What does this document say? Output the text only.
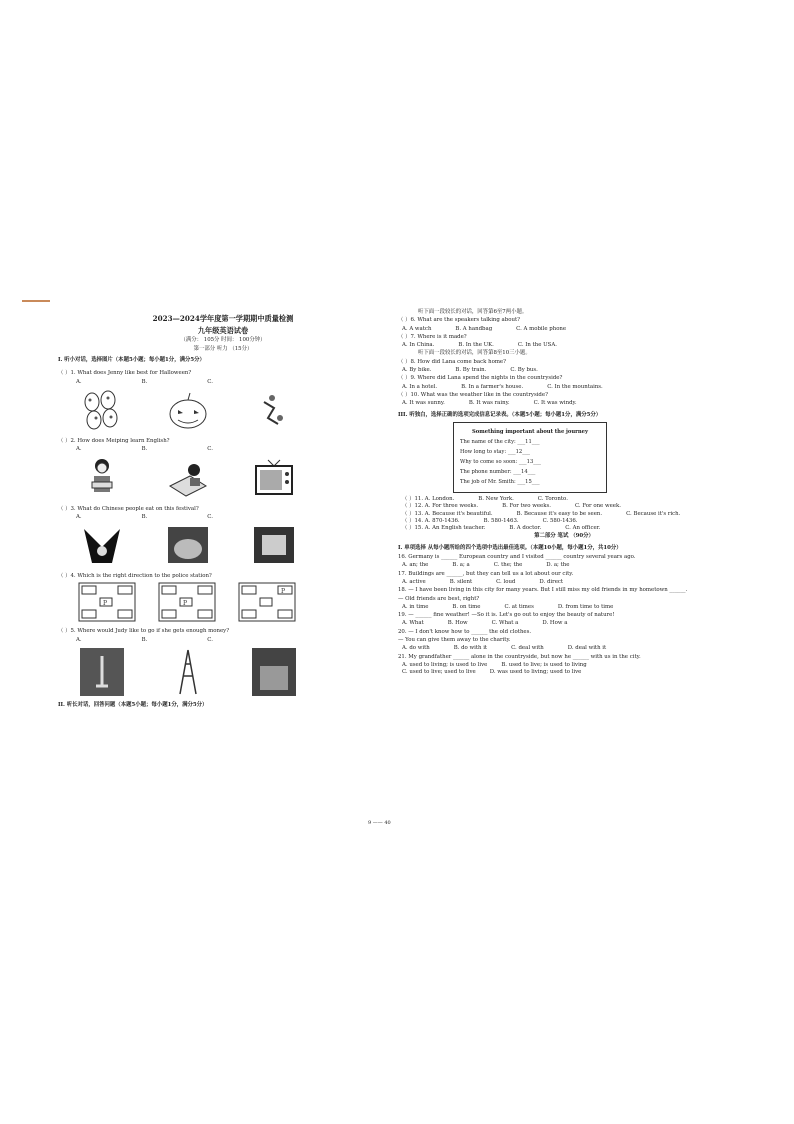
2023—2024学年度第一学期期中质量检测
九年级英语试卷
（满分： 105分 时间： 100分钟）
第一部分 听力 （15分）
I. 听小对话，选择图片（本题5小题；每小题1分，满分5分）
（ ）1. What does Jenny like best for Halloween?
A.	B.	C.
（ ）2. How does Meiping learn English?
A.	B.	C.
（ ）3. What do Chinese people eat on this festival?
A.	B.	C.
（ ）4. Which is the right direction to the police station?
P	P
P
（ ）5. Where would Judy like to go if she gets enough money?
A.	B.	C.
II. 听长对话，回答问题（本题5小题；每小题1分，满分5分）
听下面一段较长的对话，回答第6至7两小题。
（ ）6. What are the speakers talking about?
A. A watch	B. A handbag	C. A mobile phone
（ ）7. Where is it made?
A. In China.	B. In the UK.	C. In the USA.
听下面一段较长的对话，回答第8至10三小题。
（ ）8. How did Lana come back home?
A. By bike.	B. By train.	C. By bus.
（ ）9. Where did Lana spend the nights in the countryside?
A. In a hotel.	B. In a farmer's house.	C. In the mountains.
（ ）10. What was the weather like in the countryside?
A. It was sunny.	B. It was rainy.	C. It was windy.
III. 听独白，选择正确的选项完成信息记录表。（本题5小题；每小题1分，满分5分）
Something important about the journey
The name of the city: ___11___
How long to stay: ___12___
Why to come so soon: ___13___
The phone number: ___14___
The job of Mr. Smith: ___15___
（ ）11. A. London.	B. New York.	C. Toronto.
（ ）12. A. For three weeks.	B. For two weeks.	C. For one week.
（ ）13. A. Because it's beautiful.	B. Because it's easy to be seen.	C. Because it's rich.
（ ）14. A. 870-1436.	B. 580-1463.	C. 580-1436.
（ ）15. A. An English teacher.	B. A doctor.	C. An officer.
第二部分 笔试 （90分）
I. 单项选择 从每小题所给的四个选项中选出最佳选项。（本题10小题，每小题1分，共10分）
16. Germany is ______ European country and I visited ______ country several years ago.
A. an; the	B. a; a	C. the; the	D. a; the
17. Buildings are ______, but they can tell us a lot about our city.
A. active	B. silent	C. loud	D. direct
18. — I have been living in this city for many years. But I still miss my old friends in my hometown ______.
— Old friends are best, right?
A. in time	B. on time	C. at times	D. from time to time
19. — ______ fine weather! —So it is. Let's go out to enjoy the beauty of nature!
A. What	B. How	C. What a	D. How a
20. — I don't know how to ______ the old clothes.
— You can give them away to the charity.
A. do with	B. do with it	C. deal with	D. deal with it
21. My grandfather ______ alone in the countryside, but now he ______ with us in the city.
A. used to living; is used to live	B. used to live; is used to living
C. used to live; used to live	D. was used to living; used to live
9 —— 40
